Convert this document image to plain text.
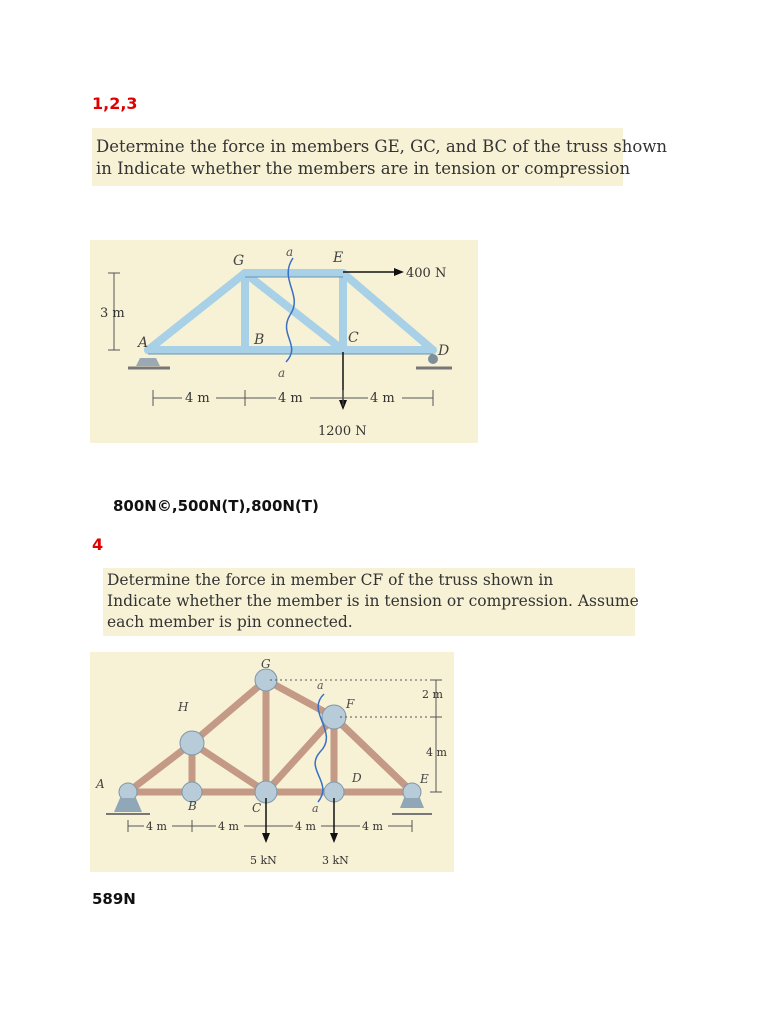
1,2,3
Determine the force in members GE, GC, and BC of the truss shown
in Indicate whether the members are in tension or compression
a
a
G	E
B	C
A	D
400 N
1200 N
3 m
4 m	4 m	4 m
800N©,500N(T),800N(T)
4
Determine the force in member CF of the truss shown in
Indicate whether the member is in tension or compression. Assume
each member is pin connected.
a
a
G
H	F
D	E
A
B	C
2 m
4 m
4 m	4 m	4 m	4 m
5 kN	3 kN
589N
